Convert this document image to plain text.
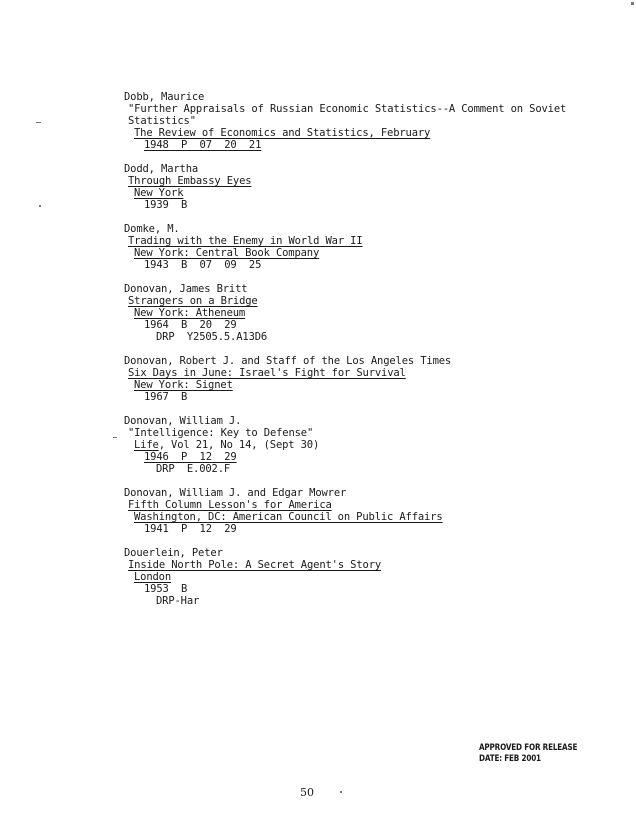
Dobb, Maurice
"Further Appraisals of Russian Economic Statistics--A Comment on Soviet
Statistics"
The Review of Economics and Statistics, February
1948  P  07  20  21
Dodd, Martha
Through Embassy Eyes
New York
1939  B
Domke, M.
Trading with the Enemy in World War II
New York: Central Book Company
1943  B  07  09  25
Donovan, James Britt
Strangers on a Bridge
New York: Atheneum
1964  B  20  29
DRP  Y2505.5.A13D6
Donovan, Robert J. and Staff of the Los Angeles Times
Six Days in June: Israel's Fight for Survival
New York: Signet
1967  B
Donovan, William J.
"Intelligence: Key to Defense"
Life, Vol 21, No 14, (Sept 30)
1946  P  12  29
DRP  E.002.F
Donovan, William J. and Edgar Mowrer
Fifth Column Lesson's for America
Washington, DC: American Council on Public Affairs
1941  P  12  29
Douerlein, Peter
Inside North Pole: A Secret Agent's Story
London
1953  B
DRP-Har
APPROVED FOR RELEASE
DATE: FEB 2001
50
